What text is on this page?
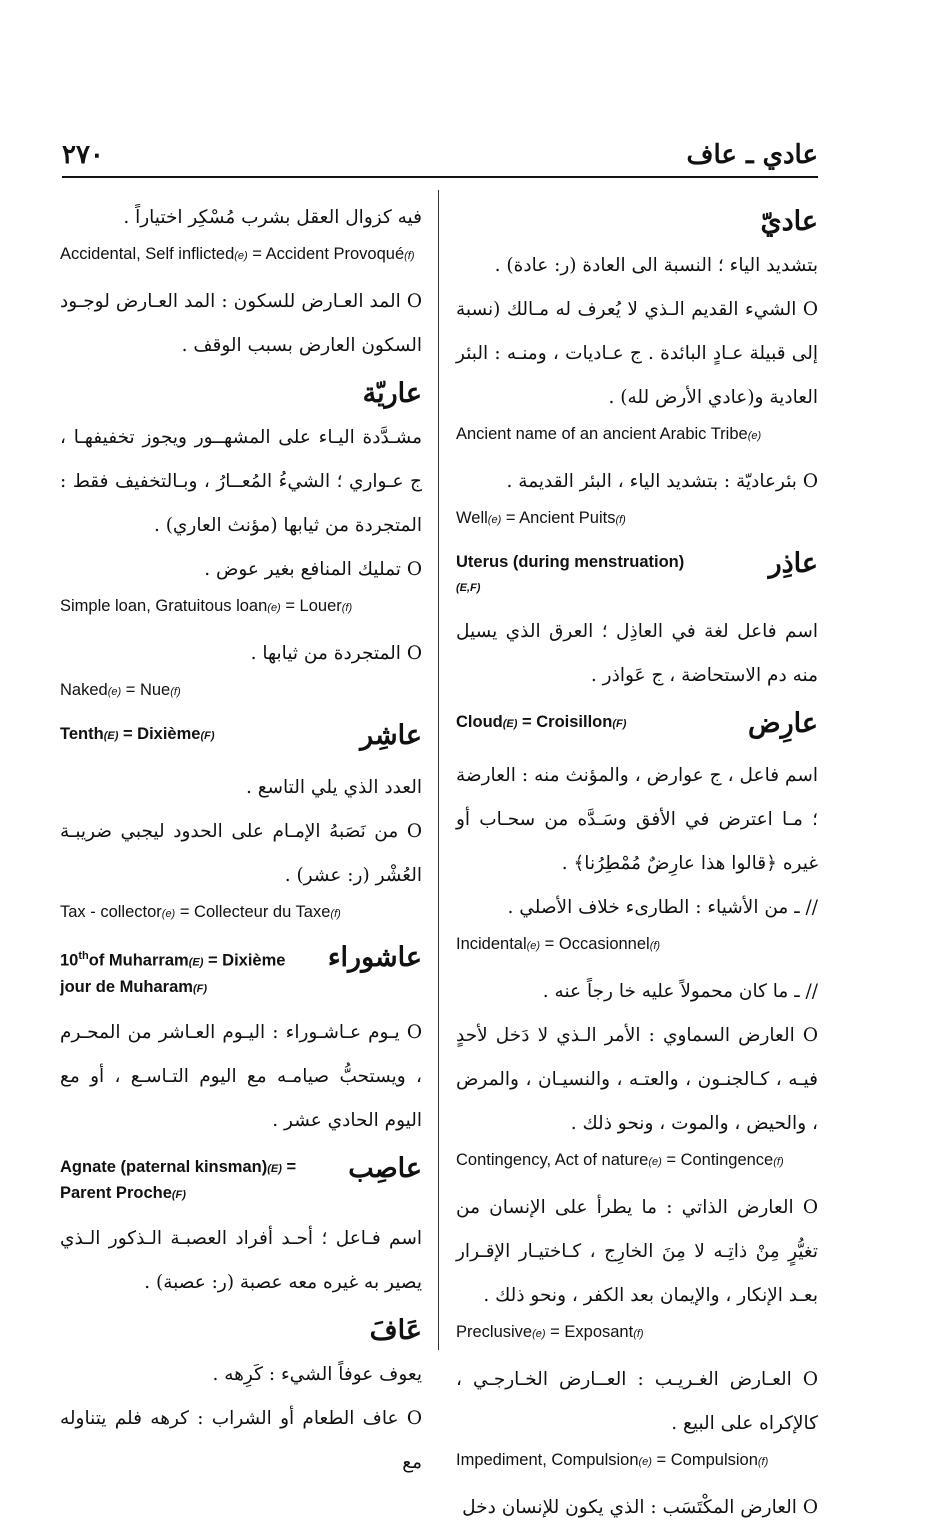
٢٧٠	عادي ـ عاف

فيه كزوال العقل بشرب مُسْكِر اختياراً .

Accidental, Self inflicted(e) = Accident Provoqué(f)

O المد العـارض للسكون : المد العـارض لوجـود السكون العارض بسبب الوقف .

عاريّة

مشـدَّدة اليـاء على المشهــور ويجوز تخفيفهـا ، ج عـواري ؛ الشيءُ المُعــارُ ، وبـالتخفيف فقط : المتجردة من ثيابها (مؤنث العاري) .

O تمليك المنافع بغير عوض .

Simple loan, Gratuitous loan(e) = Louer(f)

O المتجردة من ثيابها .

Naked(e) = Nue(f)

Tenth(E) = Dixième(F)	عاشِر

العدد الذي يلي التاسع .

O من نَصَبهُ الإمـام على الحدود ليجبي ضريبـة العُشْر (ر: عشر) .

Tax - collector(e) = Collecteur du Taxe(f)

10thof Muharram(E) = Dixième jour de Muharam(F)

عاشوراء

O يـوم عـاشـوراء : اليـوم العـاشر من المحـرم ، ويستحبُّ صيامـه مع اليوم التـاسـع ، أو مع اليوم الحادي عشر .

Agnate (paternal kinsman)(E) = Parent Proche(F)

عاصِب

اسم فـاعل ؛ أحـد أفراد العصبـة الـذكور الـذي يصير به غيره معه عصبة (ر: عصبة) .

عَافَ

يعوف عوفاً الشيء : كَرِهه .

O عاف الطعام أو الشراب : كرهه فلم يتناوله مع

عاديّ

بتشديد الياء ؛ النسبة الى العادة (ر: عادة) .

O الشيء القديم الـذي لا يُعرف له مـالك (نسبة إلى قبيلة عـادٍ البائدة . ج عـاديات ، ومنـه : البئر العادية و(عادي الأرض لله) .

Ancient name of an ancient Arabic Tribe(e)

O بئرعاديّة : بتشديد الياء ، البئر القديمة .

Well(e) = Ancient Puits(f)

Uterus (during menstruation)(E,F)

عاذِر

اسم فاعل لغة في العاذِل ؛ العرق الذي يسيل منه دم الاستحاضة ، ج عَواذر .

Cloud(E) = Croisillon(F)	عارِض

اسم فاعل ، ج عوارض ، والمؤنث منه : العارضة ؛ مـا اعترض في الأفق وسَـدَّه من سحـاب أو غيره ﴿قالوا هذا عارِضٌ مُمْطِرُنا﴾ .

// ـ من الأشياء : الطارىء خلاف الأصلي .

Incidental(e) = Occasionnel(f)

// ـ ما كان محمولاً عليه خا رجاً عنه .

O العارض السماوي : الأمر الـذي لا دَخل لأحدٍ فيـه ، كـالجنـون ، والعتـه ، والنسيـان ، والمرض ، والحيض ، والموت ، ونحو ذلك .

Contingency, Act of nature(e) = Contingence(f)

O العارض الذاتي : ما يطرأ على الإنسان من تغيُّرٍ مِنْ ذاتِـه لا مِنَ الخارِج ، كـاختيـار الإقـرار بعـد الإنكار ، والإيمان بعد الكفر ، ونحو ذلك .

Preclusive(e) = Exposant(f)

O العـارض الغـريـب : العــارض الخـارجـي ، كالإكراه على البيع .

Impediment, Compulsion(e) = Compulsion(f)

O العارض المكْتَسَب : الذي يكون للإنسان دخل
